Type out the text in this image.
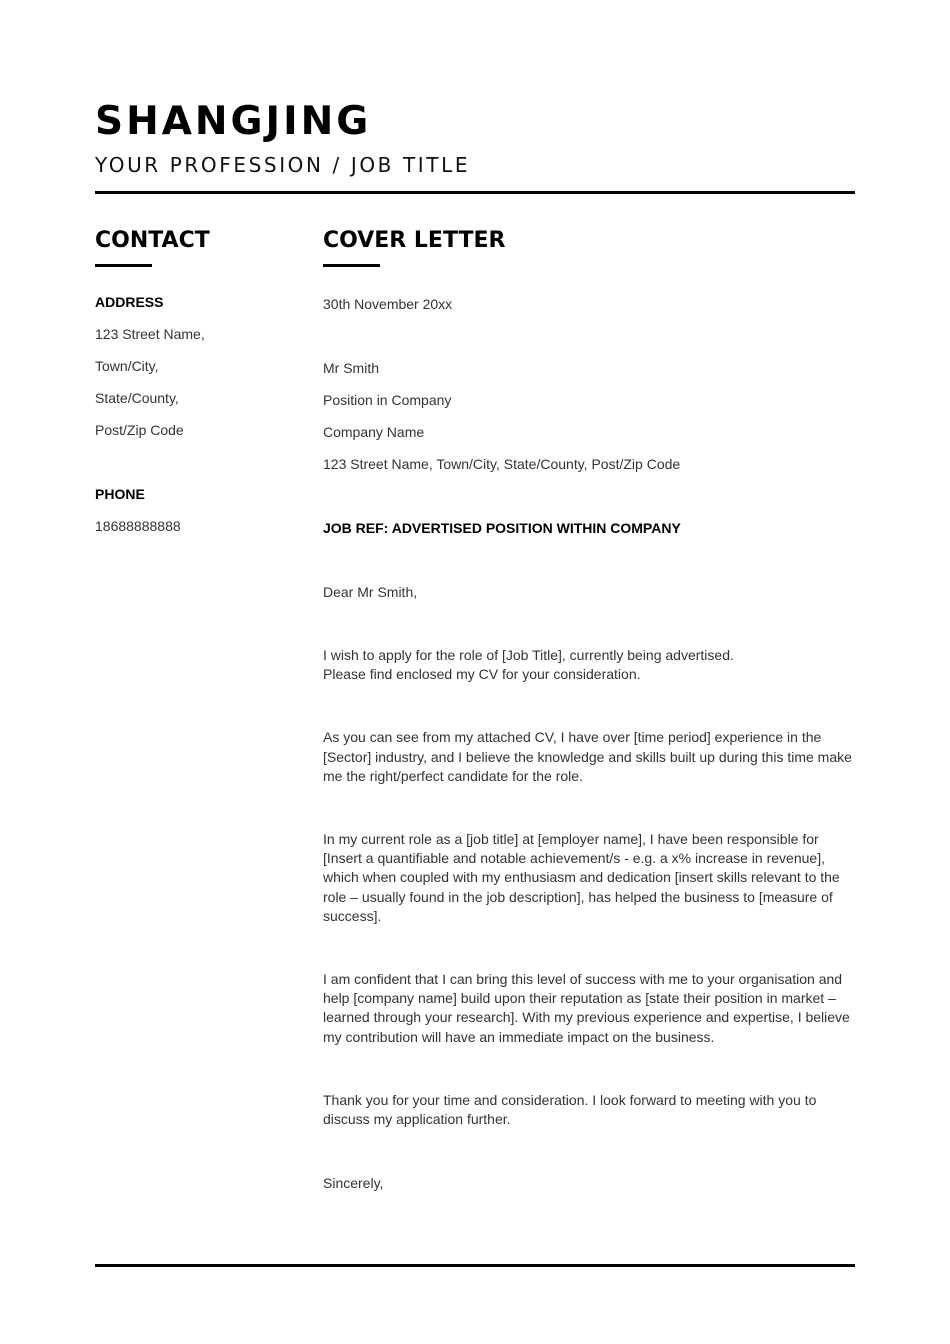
SHANGJING
YOUR PROFESSION / JOB TITLE
CONTACT	COVER LETTER
ADDRESS
123 Street Name,
Town/City,
State/County,
Post/Zip Code
PHONE
18688888888
30th November 20xx
Mr Smith
Position in Company
Company Name
123 Street Name, Town/City, State/County, Post/Zip Code
JOB REF: ADVERTISED POSITION WITHIN COMPANY
Dear Mr Smith,
I wish to apply for the role of [Job Title], currently being advertised.
Please find enclosed my CV for your consideration.
As you can see from my attached CV, I have over [time period] experience in the
[Sector] industry, and I believe the knowledge and skills built up during this time make
me the right/perfect candidate for the role.
In my current role as a [job title] at [employer name], I have been responsible for
[Insert a quantifiable and notable achievement/s - e.g. a x% increase in revenue],
which when coupled with my enthusiasm and dedication [insert skills relevant to the
role – usually found in the job description], has helped the business to [measure of
success].
I am confident that I can bring this level of success with me to your organisation and
help [company name] build upon their reputation as [state their position in market –
learned through your research]. With my previous experience and expertise, I believe
my contribution will have an immediate impact on the business.
Thank you for your time and consideration. I look forward to meeting with you to
discuss my application further.
Sincerely,
